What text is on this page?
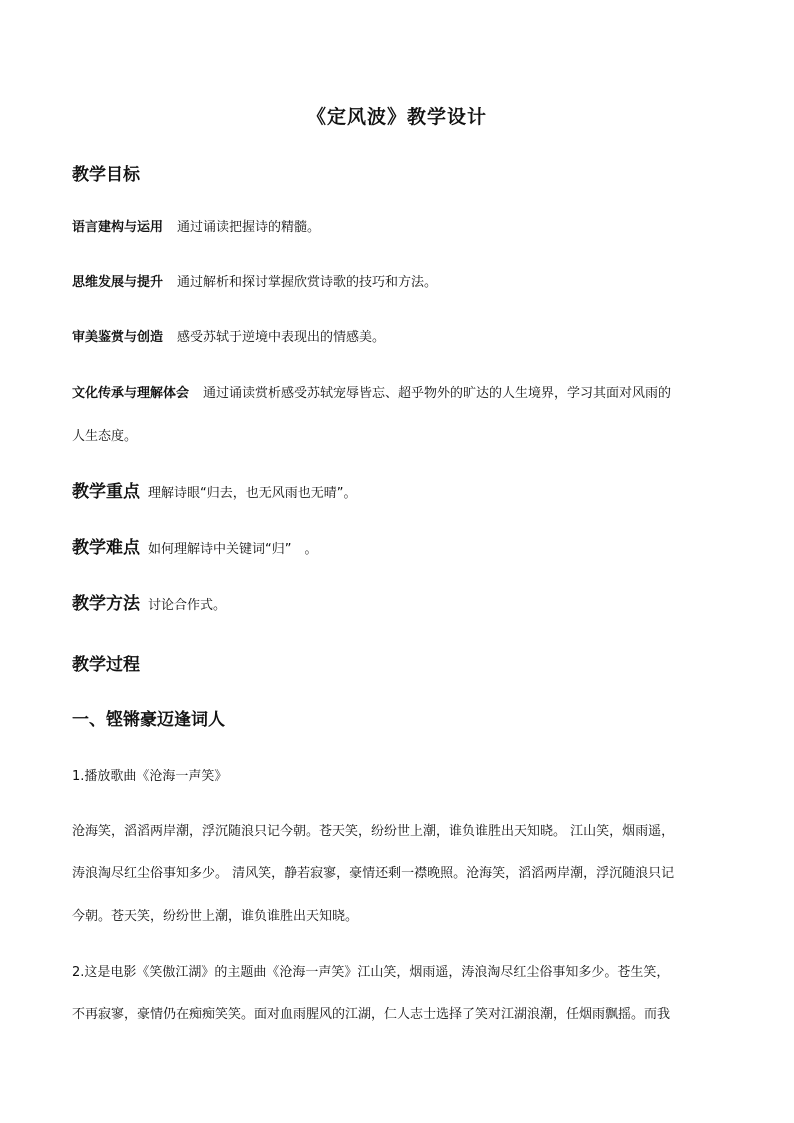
《定风波》教学设计
教学目标
语言建构与运用 通过诵读把握诗的精髓。
思维发展与提升 通过解析和探讨掌握欣赏诗歌的技巧和方法。
审美鉴赏与创造 感受苏轼于逆境中表现出的情感美。
文化传承与理解体会 通过诵读赏析感受苏轼宠辱皆忘、超乎物外的旷达的人生境界，学习其面对风雨的
人生态度。
教学重点 理解诗眼“归去，也无风雨也无晴”。
教学难点 如何理解诗中关键词“归”　。
教学方法 讨论合作式。
教学过程
一、铿锵豪迈逢词人
1.播放歌曲《沧海一声笑》
沧海笑，滔滔两岸潮，浮沉随浪只记今朝。苍天笑，纷纷世上潮，谁负谁胜出天知晓。 江山笑，烟雨遥，
涛浪淘尽红尘俗事知多少。 清风笑，静若寂寥，豪情还剩一襟晚照。沧海笑，滔滔两岸潮，浮沉随浪只记
今朝。苍天笑，纷纷世上潮，谁负谁胜出天知晓。
2.这是电影《笑傲江湖》的主题曲《沧海一声笑》江山笑，烟雨遥，涛浪淘尽红尘俗事知多少。苍生笑，
不再寂寥，豪情仍在痴痴笑笑。面对血雨腥风的江湖，仁人志士选择了笑对江湖浪潮，任烟雨飘摇。而我
